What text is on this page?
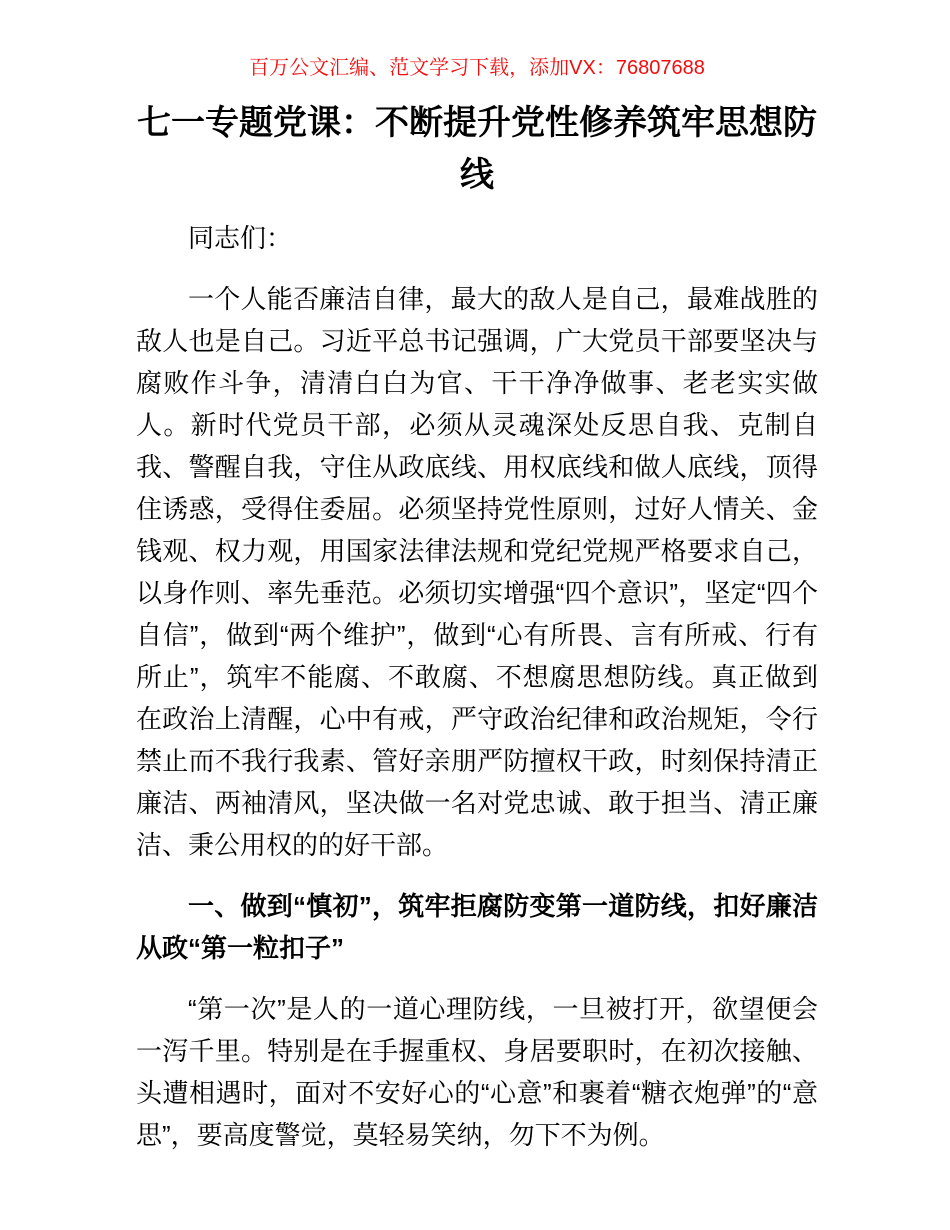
百万公文汇编、范文学习下载，添加VX：76807688
七一专题党课：不断提升党性修养筑牢思想防线

同志们：

一个人能否廉洁自律，最大的敌人是自己，最难战胜的敌人也是自己。习近平总书记强调，广大党员干部要坚决与腐败作斗争，清清白白为官、干干净净做事、老老实实做人。新时代党员干部，必须从灵魂深处反思自我、克制自我、警醒自我，守住从政底线、用权底线和做人底线，顶得住诱惑，受得住委屈。必须坚持党性原则，过好人情关、金钱观、权力观，用国家法律法规和党纪党规严格要求自己，以身作则、率先垂范。必须切实增强“四个意识”，坚定“四个自信”，做到“两个维护”，做到“心有所畏、言有所戒、行有所止”，筑牢不能腐、不敢腐、不想腐思想防线。真正做到在政治上清醒，心中有戒，严守政治纪律和政治规矩，令行禁止而不我行我素、管好亲朋严防擅权干政，时刻保持清正廉洁、两袖清风，坚决做一名对党忠诚、敢于担当、清正廉洁、秉公用权的的好干部。

一、做到“慎初”，筑牢拒腐防变第一道防线，扣好廉洁从政“第一粒扣子”

“第一次”是人的一道心理防线，一旦被打开，欲望便会一泻千里。特别是在手握重权、身居要职时，在初次接触、头遭相遇时，面对不安好心的“心意”和裹着“糖衣炮弹”的“意思”，要高度警觉，莫轻易笑纳，勿下不为例。
